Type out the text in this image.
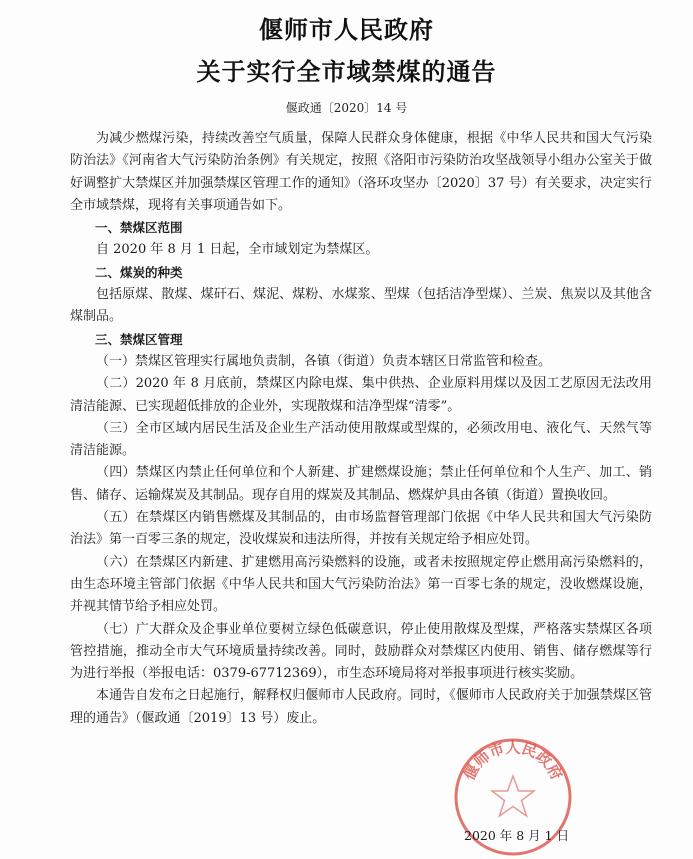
偃师市人民政府
关于实行全市域禁煤的通告
偃政通〔2020〕14 号

为减少燃煤污染，持续改善空气质量，保障人民群众身体健康，根据《中华人民共和国大气污染防治法》《河南省大气污染防治条例》有关规定，按照《洛阳市污染防治攻坚战领导小组办公室关于做好调整扩大禁煤区并加强禁煤区管理工作的通知》（洛环攻坚办〔2020〕37 号）有关要求，决定实行全市域禁煤，现将有关事项通告如下。

一、禁煤区范围

自 2020 年 8 月 1 日起，全市域划定为禁煤区。

二、煤炭的种类

包括原煤、散煤、煤矸石、煤泥、煤粉、水煤浆、型煤（包括洁净型煤）、兰炭、焦炭以及其他含煤制品。

三、禁煤区管理

（一）禁煤区管理实行属地负责制，各镇（街道）负责本辖区日常监管和检查。

（二）2020 年 8 月底前，禁煤区内除电煤、集中供热、企业原料用煤以及因工艺原因无法改用清洁能源、已实现超低排放的企业外，实现散煤和洁净型煤“清零”。

（三）全市区域内居民生活及企业生产活动使用散煤或型煤的，必须改用电、液化气、天然气等清洁能源。

（四）禁煤区内禁止任何单位和个人新建、扩建燃煤设施；禁止任何单位和个人生产、加工、销售、储存、运输煤炭及其制品。现存自用的煤炭及其制品、燃煤炉具由各镇（街道）置换收回。

（五）在禁煤区内销售燃煤及其制品的，由市场监督管理部门依据《中华人民共和国大气污染防治法》第一百零三条的规定，没收煤炭和违法所得，并按有关规定给予相应处罚。

（六）在禁煤区内新建、扩建燃用高污染燃料的设施，或者未按照规定停止燃用高污染燃料的，由生态环境主管部门依据《中华人民共和国大气污染防治法》第一百零七条的规定，没收燃煤设施，并视其情节给予相应处罚。

（七）广大群众及企事业单位要树立绿色低碳意识，停止使用散煤及型煤，严格落实禁煤区各项管控措施，推动全市大气环境质量持续改善。同时，鼓励群众对禁煤区内使用、销售、储存燃煤等行为进行举报（举报电话：0379-67712369），市生态环境局将对举报事项进行核实奖励。

本通告自发布之日起施行，解释权归偃师市人民政府。同时，《偃师市人民政府关于加强禁煤区管理的通告》（偃政通〔2019〕13 号）废止。

偃师市人民政府
2020 年 8 月 1 日
